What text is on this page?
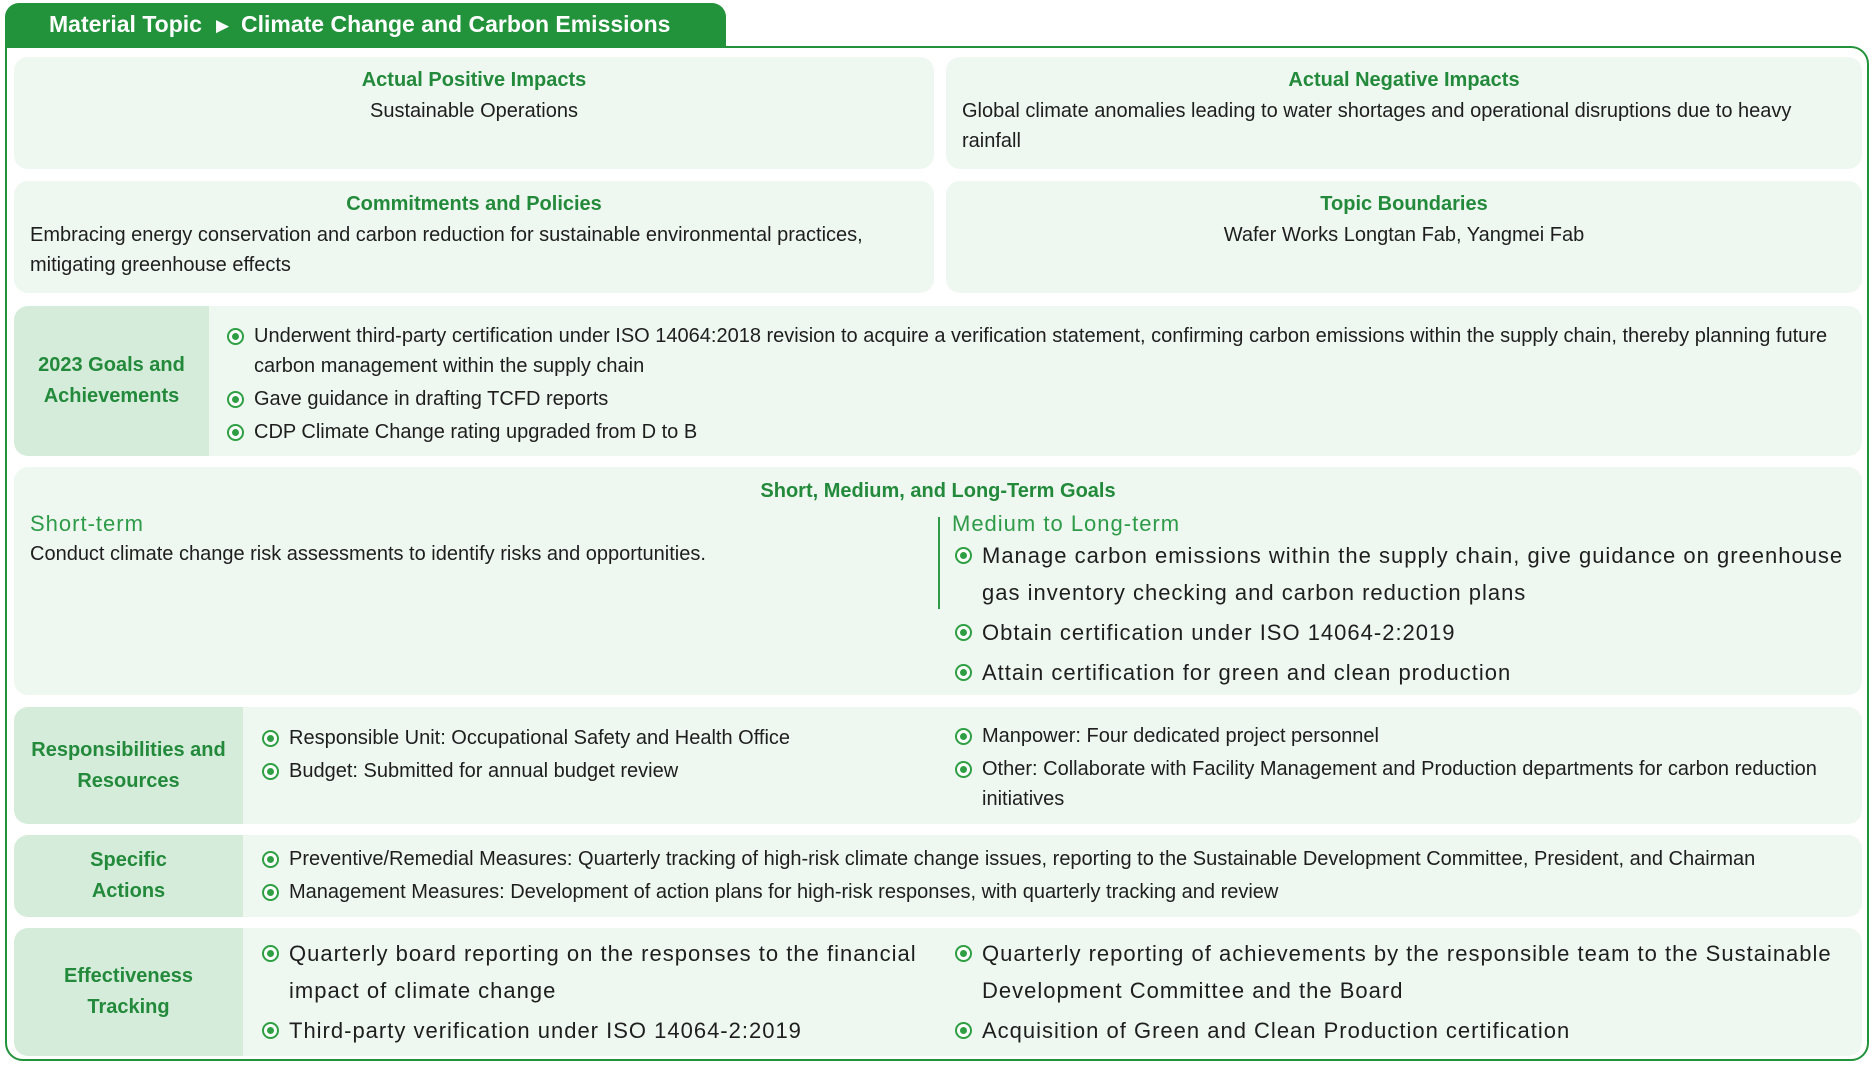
Material Topic ▶ Climate Change and Carbon Emissions
Actual Positive Impacts
Sustainable Operations
Actual Negative Impacts
Global climate anomalies leading to water shortages and operational disruptions due to heavy rainfall
Commitments and Policies
Embracing energy conservation and carbon reduction for sustainable environmental practices, mitigating greenhouse effects
Topic Boundaries
Wafer Works Longtan Fab, Yangmei Fab
2023 Goals and Achievements
Underwent third-party certification under ISO 14064:2018 revision to acquire a verification statement, confirming carbon emissions within the supply chain, thereby planning future carbon management within the supply chain
Gave guidance in drafting TCFD reports
CDP Climate Change rating upgraded from D to B
Short, Medium, and Long-Term Goals
Short-term
Conduct climate change risk assessments to identify risks and opportunities.
Medium to Long-term
Manage carbon emissions within the supply chain, give guidance on greenhouse gas inventory checking and carbon reduction plans
Obtain certification under ISO 14064-2:2019
Attain certification for green and clean production
Responsibilities and Resources
Responsible Unit: Occupational Safety and Health Office
Budget: Submitted for annual budget review
Manpower: Four dedicated project personnel
Other: Collaborate with Facility Management and Production departments for carbon reduction initiatives
Specific Actions
Preventive/Remedial Measures: Quarterly tracking of high-risk climate change issues, reporting to the Sustainable Development Committee, President, and Chairman
Management Measures: Development of action plans for high-risk responses, with quarterly tracking and review
Effectiveness Tracking
Quarterly board reporting on the responses to the financial impact of climate change
Third-party verification under ISO 14064-2:2019
Quarterly reporting of achievements by the responsible team to the Sustainable Development Committee and the Board
Acquisition of Green and Clean Production certification
